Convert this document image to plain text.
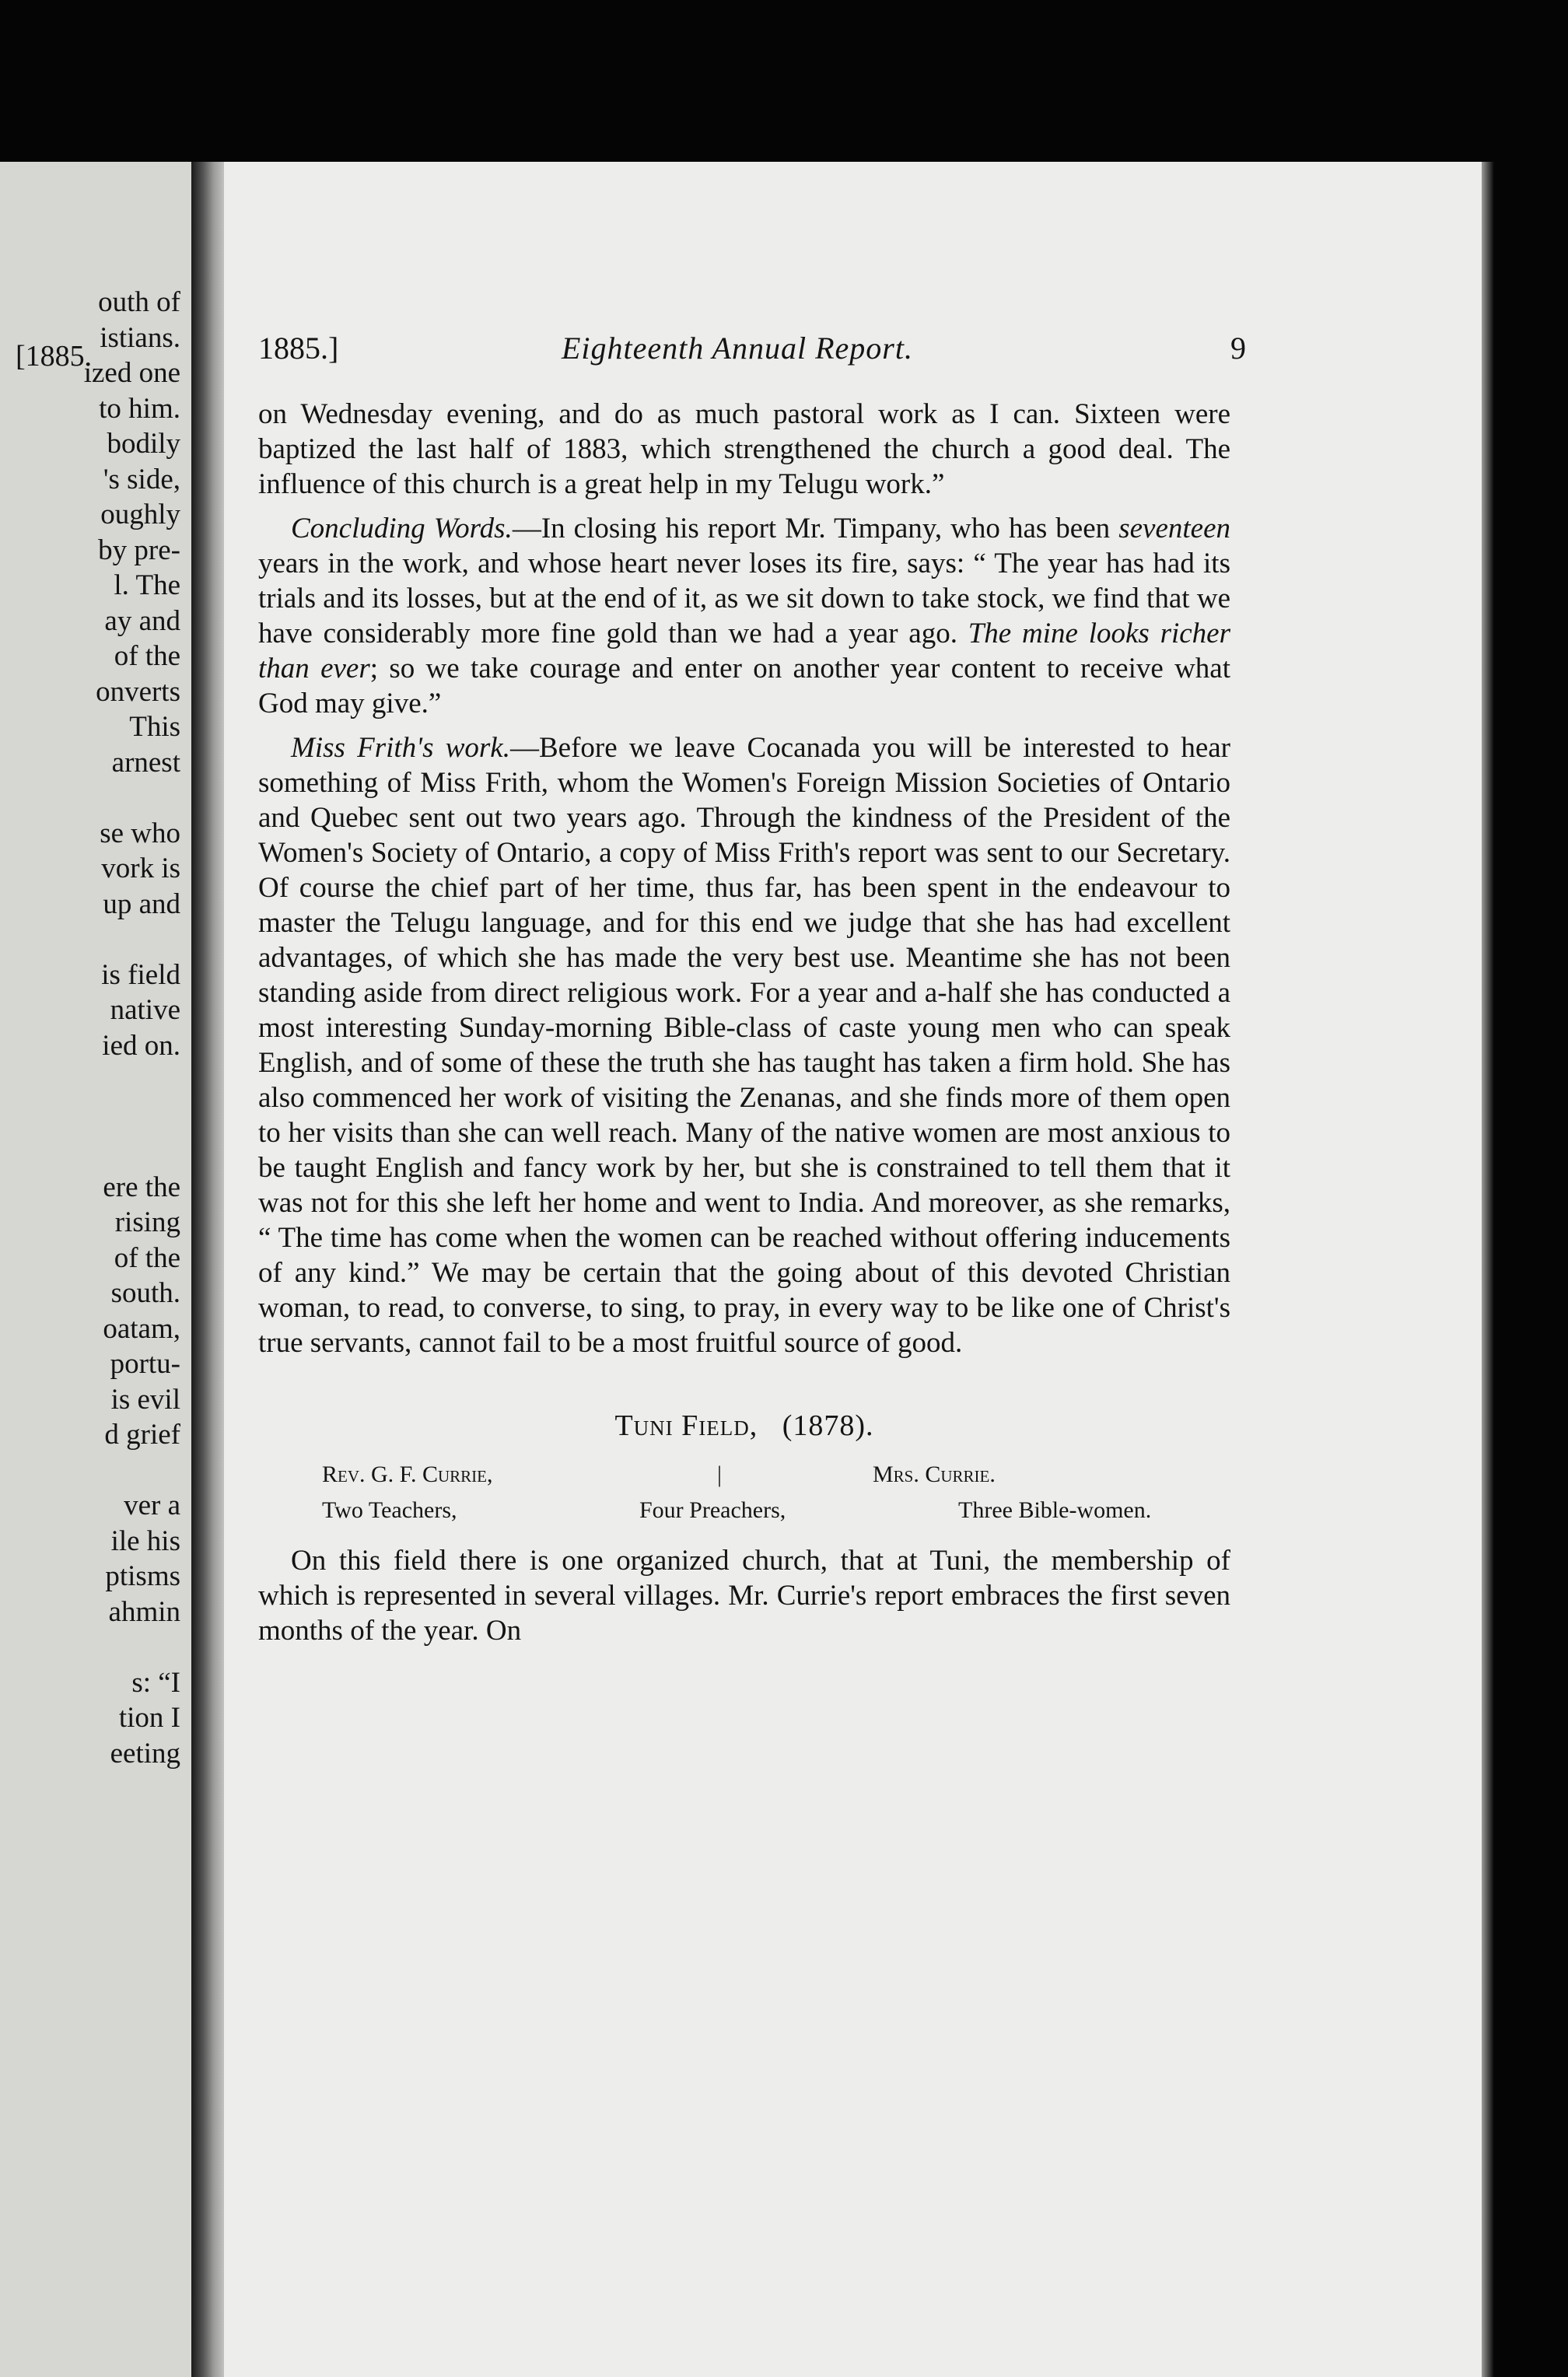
[1885.
outh of
istians.
ized one
to him.
bodily
's side,
oughly
by pre-
l. The
ay and
of the
onverts
This
arnest
se who
vork is
up and
is field
native
ied on.
ere the
rising
of the
south.
oatam,
portu-
is evil
d grief
ver a
ile his
ptisms
ahmin
s: “I
tion I
eeting
1885.]	Eighteenth Annual Report.	9

on Wednesday evening, and do as much pastoral work as I can. Sixteen were baptized the last half of 1883, which strengthened the church a good deal. The influence of this church is a great help in my Telugu work.”

Concluding Words.—In closing his report Mr. Timpany, who has been seventeen years in the work, and whose heart never loses its fire, says: “ The year has had its trials and its losses, but at the end of it, as we sit down to take stock, we find that we have considerably more fine gold than we had a year ago. The mine looks richer than ever; so we take courage and enter on another year content to receive what God may give.”

Miss Frith's work.—Before we leave Cocanada you will be interested to hear something of Miss Frith, whom the Women's Foreign Mission Societies of Ontario and Quebec sent out two years ago. Through the kindness of the President of the Women's Society of Ontario, a copy of Miss Frith's report was sent to our Secretary. Of course the chief part of her time, thus far, has been spent in the endeavour to master the Telugu language, and for this end we judge that she has had excellent advantages, of which she has made the very best use. Meantime she has not been standing aside from direct religious work. For a year and a-half she has conducted a most interesting Sunday-morning Bible-class of caste young men who can speak English, and of some of these the truth she has taught has taken a firm hold. She has also commenced her work of visiting the Zenanas, and she finds more of them open to her visits than she can well reach. Many of the native women are most anxious to be taught English and fancy work by her, but she is constrained to tell them that it was not for this she left her home and went to India. And moreover, as she remarks, “ The time has come when the women can be reached without offering inducements of any kind.” We may be certain that the going about of this devoted Christian woman, to read, to converse, to sing, to pray, in every way to be like one of Christ's true servants, cannot fail to be a most fruitful source of good.

Tuni Field, (1878).
Rev. G. F. Currie,	|	Mrs. Currie.
Two Teachers,	Four Preachers,	Three Bible-women.

On this field there is one organized church, that at Tuni, the membership of which is represented in several villages. Mr. Currie's report embraces the first seven months of the year. On
